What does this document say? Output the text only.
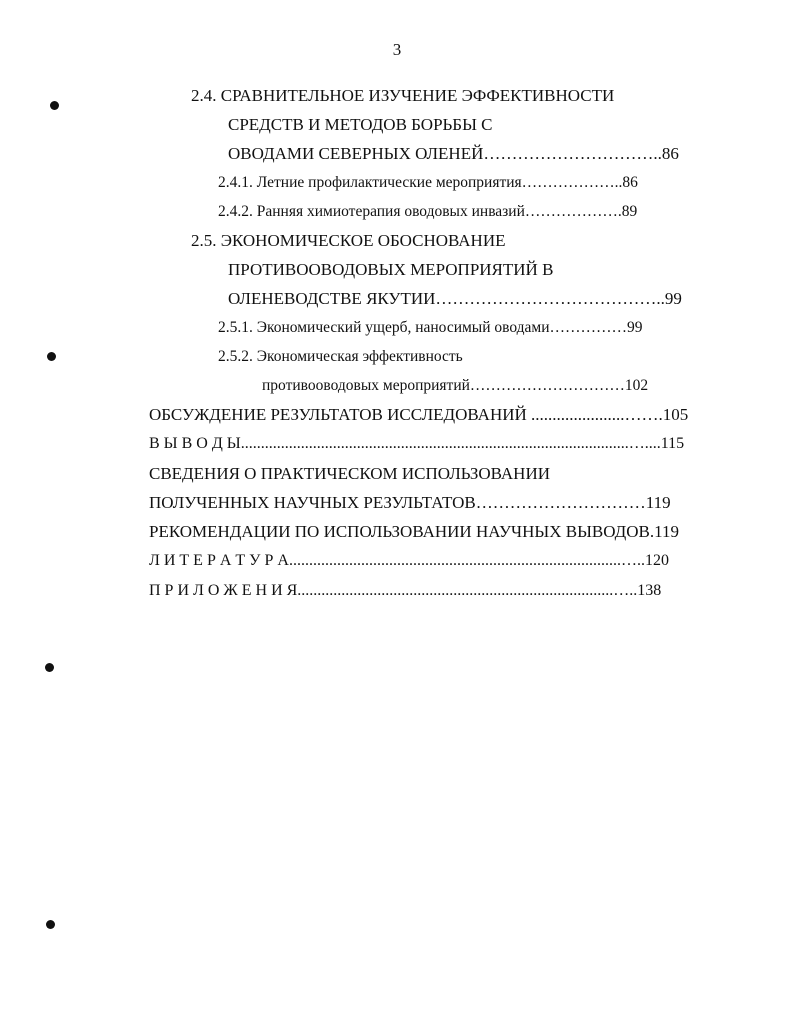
3
2.4. СРАВНИТЕЛЬНОЕ ИЗУЧЕНИЕ ЭФФЕКТИВНОСТИ
СРЕДСТВ И МЕТОДОВ БОРЬБЫ С
ОВОДАМИ СЕВЕРНЫХ ОЛЕНЕЙ…………………………..86
2.4.1. Летние профилактические мероприятия………………..86
2.4.2. Ранняя химиотерапия оводовых инвазий……………….89
2.5. ЭКОНОМИЧЕСКОЕ ОБОСНОВАНИЕ
ПРОТИВООВОДОВЫХ МЕРОПРИЯТИЙ В
ОЛЕНЕВОДСТВЕ ЯКУТИИ…………………………………..99
2.5.1. Экономический ущерб, наносимый оводами……………99
2.5.2. Экономическая эффективность
противооводовых мероприятий…………………………102
ОБСУЖДЕНИЕ РЕЗУЛЬТАТОВ ИССЛЕДОВАНИЙ ......................…….105
В Ы В О Д Ы.................................................................................................…....115
СВЕДЕНИЯ О ПРАКТИЧЕСКОМ ИСПОЛЬЗОВАНИИ
ПОЛУЧЕННЫХ НАУЧНЫХ РЕЗУЛЬТАТОВ…………………………119
РЕКОМЕНДАЦИИ ПО ИСПОЛЬЗОВАНИИ НАУЧНЫХ ВЫВОДОВ.119
Л И Т Е Р А Т У Р А...................................................................................…..120
П Р И Л О Ж Е Н И Я...............................................................................…..138
